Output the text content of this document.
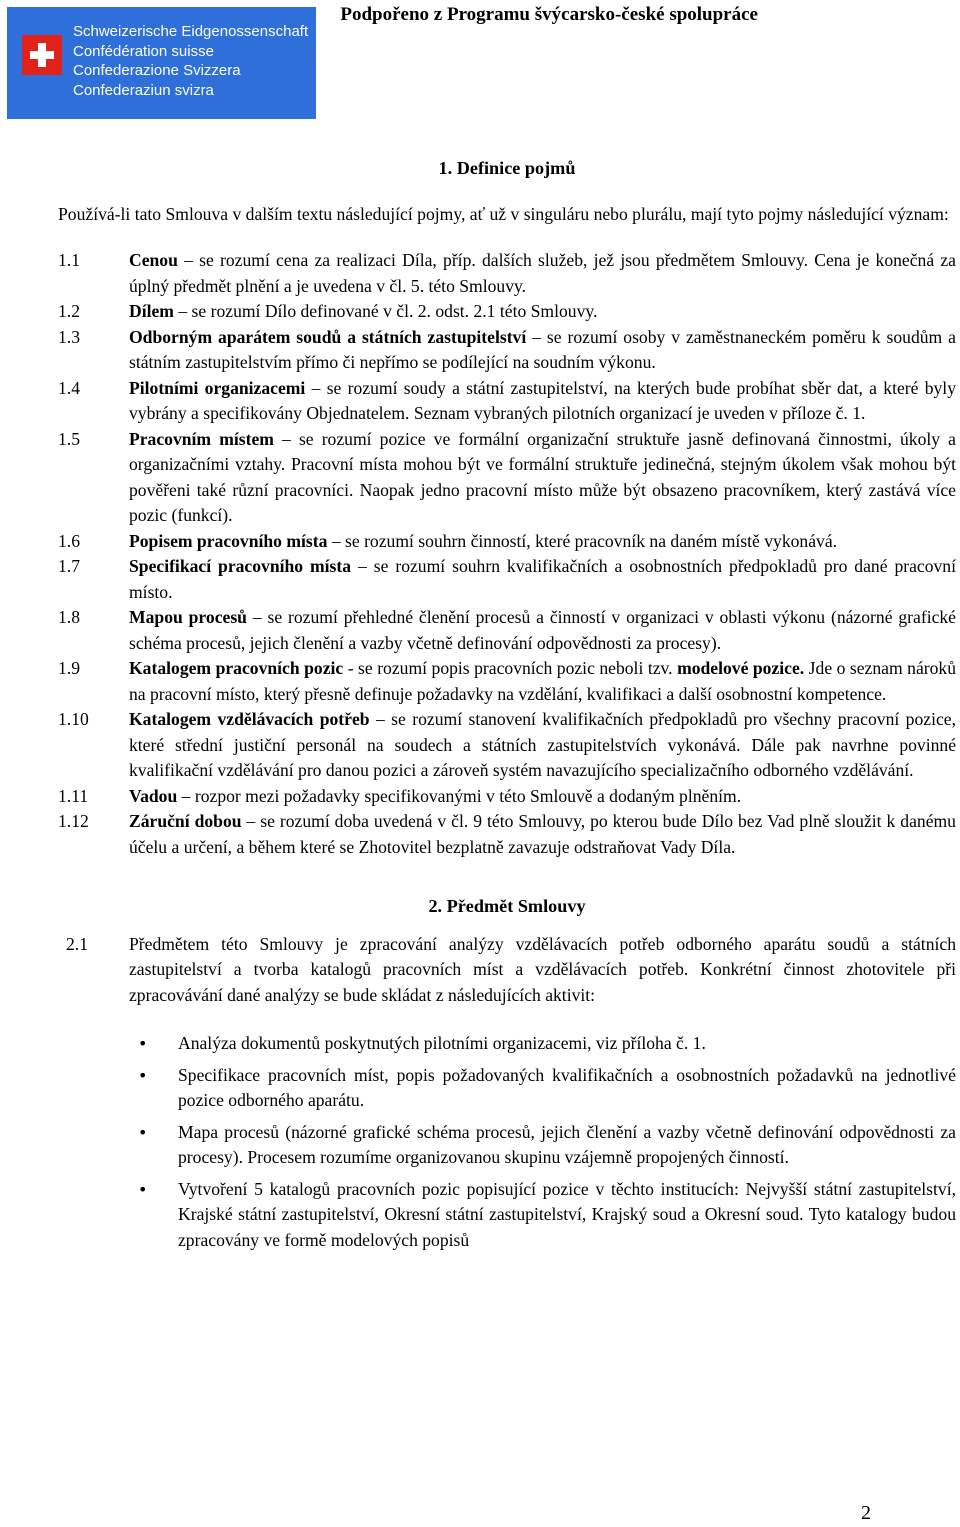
Schweizerische Eidgenossenschaft
Confédération suisse
Confederazione Svizzera
Confederaziun svizra
Podpořeno z Programu švýcarsko-české spolupráce

1. Definice pojmů

Používá-li tato Smlouva v dalším textu následující pojmy, ať už v singuláru nebo plurálu, mají tyto pojmy následující význam:

1.1	Cenou – se rozumí cena za realizaci Díla, příp. dalších služeb, jež jsou předmětem Smlouvy. Cena je konečná za úplný předmět plnění a je uvedena v čl. 5. této Smlouvy.
1.2	Dílem – se rozumí Dílo definované v čl. 2. odst. 2.1 této Smlouvy.
1.3	Odborným aparátem soudů a státních zastupitelství – se rozumí osoby v zaměstnaneckém poměru k soudům a státním zastupitelstvím přímo či nepřímo se podílející na soudním výkonu.
1.4	Pilotními organizacemi – se rozumí soudy a státní zastupitelství, na kterých bude probíhat sběr dat, a které byly vybrány a specifikovány Objednatelem. Seznam vybraných pilotních organizací je uveden v příloze č. 1.
1.5	Pracovním místem – se rozumí pozice ve formální organizační struktuře jasně definovaná činnostmi, úkoly a organizačními vztahy. Pracovní místa mohou být ve formální struktuře jedinečná, stejným úkolem však mohou být pověřeni také různí pracovníci. Naopak jedno pracovní místo může být obsazeno pracovníkem, který zastává více pozic (funkcí).
1.6	Popisem pracovního místa – se rozumí souhrn činností, které pracovník na daném místě vykonává.
1.7	Specifikací pracovního místa – se rozumí souhrn kvalifikačních a osobnostních předpokladů pro dané pracovní místo.
1.8	Mapou procesů – se rozumí přehledné členění procesů a činností v organizaci v oblasti výkonu (názorné grafické schéma procesů, jejich členění a vazby včetně definování odpovědnosti za procesy).
1.9	Katalogem pracovních pozic - se rozumí popis pracovních pozic neboli tzv. modelové pozice. Jde o seznam nároků na pracovní místo, který přesně definuje požadavky na vzdělání, kvalifikaci a další osobnostní kompetence.
1.10	Katalogem vzdělávacích potřeb – se rozumí stanovení kvalifikačních předpokladů pro všechny pracovní pozice, které střední justiční personál na soudech a státních zastupitelstvích vykonává. Dále pak navrhne povinné kvalifikační vzdělávání pro danou pozici a zároveň systém navazujícího specializačního odborného vzdělávání.
1.11	Vadou – rozpor mezi požadavky specifikovanými v této Smlouvě a dodaným plněním.
1.12	Záruční dobou – se rozumí doba uvedená v čl. 9 této Smlouvy, po kterou bude Dílo bez Vad plně sloužit k danému účelu a určení, a během které se Zhotovitel bezplatně zavazuje odstraňovat Vady Díla.

2. Předmět Smlouvy

2.1	Předmětem této Smlouvy je zpracování analýzy vzdělávacích potřeb odborného aparátu soudů a státních zastupitelství a tvorba katalogů pracovních míst a vzdělávacích potřeb. Konkrétní činnost zhotovitele při zpracovávání dané analýzy se bude skládat z následujících aktivit:
• Analýza dokumentů poskytnutých pilotními organizacemi, viz příloha č. 1.
• Specifikace pracovních míst, popis požadovaných kvalifikačních a osobnostních požadavků na jednotlivé pozice odborného aparátu.
• Mapa procesů (názorné grafické schéma procesů, jejich členění a vazby včetně definování odpovědnosti za procesy). Procesem rozumíme organizovanou skupinu vzájemně propojených činností.
• Vytvoření 5 katalogů pracovních pozic popisující pozice v těchto institucích: Nejvyšší státní zastupitelství, Krajské státní zastupitelství, Okresní státní zastupitelství, Krajský soud a Okresní soud. Tyto katalogy budou zpracovány ve formě modelových popisů
2
